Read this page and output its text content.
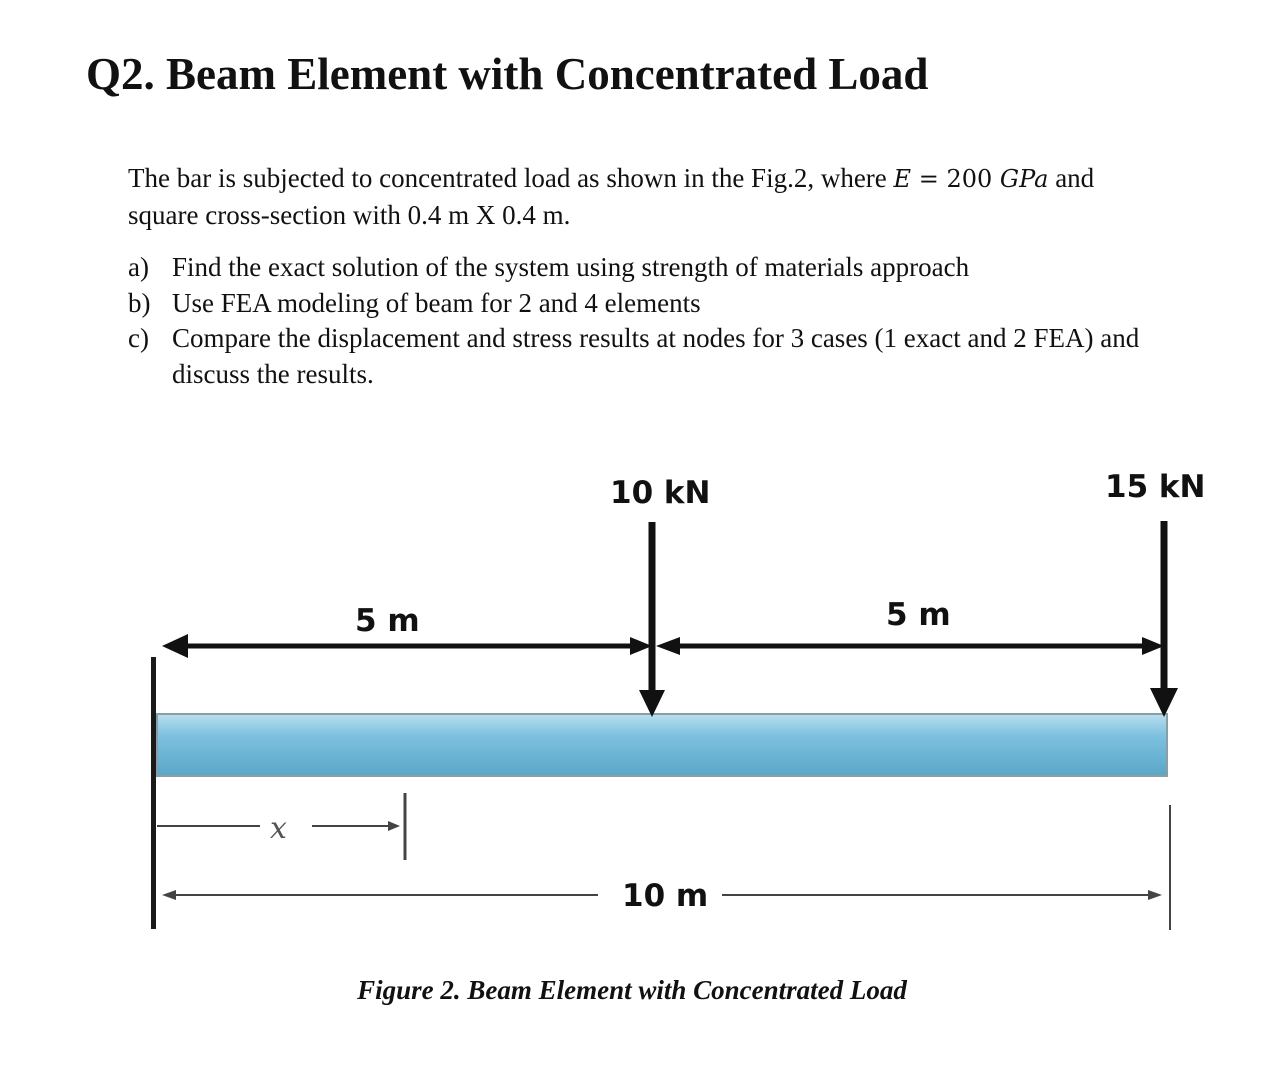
Q2. Beam Element with Concentrated Load
The bar is subjected to concentrated load as shown in the Fig.2, where E = 200 GPa and
square cross-section with 0.4 m X 0.4 m.
a) Find the exact solution of the system using strength of materials approach
b) Use FEA modeling of beam for 2 and 4 elements
c) Compare the displacement and stress results at nodes for 3 cases (1 exact and 2 FEA) and discuss the results.
10 kN	15 kN
5 m	5 m
10 m
x
Figure 2. Beam Element with Concentrated Load
